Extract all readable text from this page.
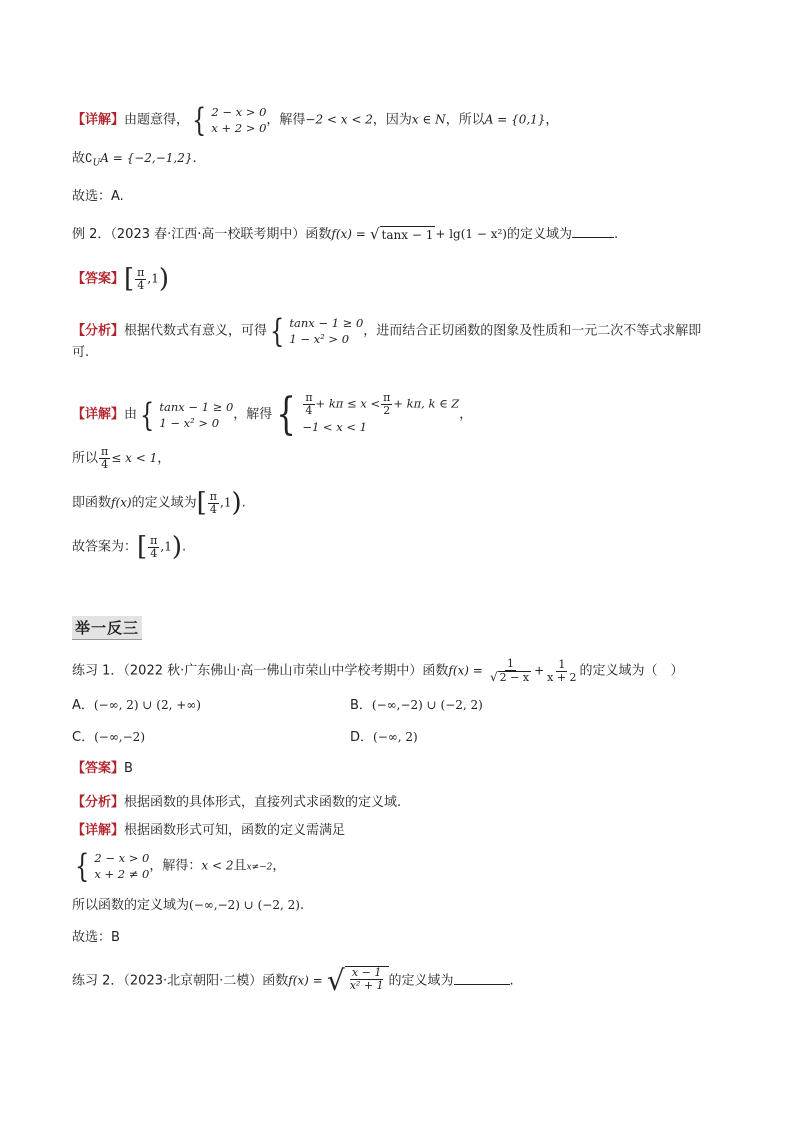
【详解】由题意得， { 2 − x > 0
x + 2 > 0
，解得−2 < x < 2，因为x ∈ N，所以A = {0,1}，
故$∁_UA = \{-2,-1,2\}$.
故选：A.
例 2．（2023 春·江西·高一校联考期中）函数f(x) = √ tanx − 1 + lg(1 − x²)的定义域为	.
【答案】[ $\frac{\pi}{4} ,1$)
【分析】根据代数式有意义，可得 { tanx − 1 ≥ 0
1 − x² > 0
，进而结合正切函数的图象及性质和一元二次不等式求解即
可.
【详解】由 { tanx − 1 ≥ 0
1 − x² > 0
，解得 { $\frac{\pi}{4} + k\pi \le x < \frac{\pi}{2} + k\pi$, k ∈ Z
−1 < x < 1
，
所以 $\frac{\pi}{4} \le x < 1$，
即函数f(x)的定义域为[ $\frac{\pi}{4} ,1$).
故答案为：[ $\frac{\pi}{4} ,1$).
举一反三
练习 1．（2022 秋·广东佛山·高一佛山市荣山中学校考期中）函数$f(x) = \frac{1}{√ 2 - x} + \frac{1}{x + 2}$ 的定义域为（　）
A．(−∞, 2) ∪ (2, +∞)	B．(−∞,−2) ∪ (−2, 2)
C．(−∞,−2)	D．(−∞, 2)
【答案】B
【分析】根据函数的具体形式，直接列式求函数的定义域.
【详解】根据函数形式可知，函数的定义需满足
{ 2 − x > 0
x + 2 ≠ 0
，解得：x < 2且x≠−2，
所以函数的定义域为(−∞,−2) ∪ (−2, 2).
故选：B
练习 2．（2023·北京朝阳·二模）函数f(x) = √ $\frac{x - 1}{\text{x² + 1}}$ 的定义域为	.
